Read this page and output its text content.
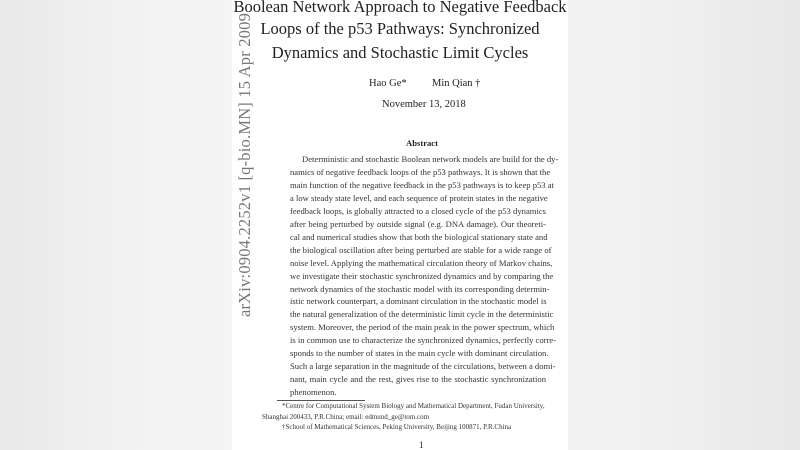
arXiv:0904.2252v1 [q-bio.MN] 15 Apr 2009
Boolean Network Approach to Negative Feedback
Loops of the p53 Pathways: Synchronized
Dynamics and Stochastic Limit Cycles
Hao Ge* Min Qian †
November 13, 2018
Abstract
Deterministic and stochastic Boolean network models are build for the dy-
namics of negative feedback loops of the p53 pathways. It is shown that the
main function of the negative feedback in the p53 pathways is to keep p53 at
a low steady state level, and each sequence of protein states in the negative
feedback loops, is globally attracted to a closed cycle of the p53 dynamics
after being perturbed by outside signal (e.g. DNA damage). Our theoreti-
cal and numerical studies show that both the biological stationary state and
the biological oscillation after being perturbed are stable for a wide range of
noise level. Applying the mathematical circulation theory of Markov chains,
we investigate their stochastic synchronized dynamics and by comparing the
network dynamics of the stochastic model with its corresponding determin-
istic network counterpart, a dominant circulation in the stochastic model is
the natural generalization of the deterministic limit cycle in the deterministic
system. Moreover, the period of the main peak in the power spectrum, which
is in common use to characterize the synchronized dynamics, perfectly corre-
sponds to the number of states in the main cycle with dominant circulation.
Such a large separation in the magnitude of the circulations, between a domi-
nant, main cycle and the rest, gives rise to the stochastic synchronization
phenomenon.
*Centre for Computational System Biology and Mathematical Department, Fudan University,
Shanghai 200433, P.R.China; email: edmund_ge@tom.com
†School of Mathematical Sciences, Peking University, Beijing 100871, P.R.China
1
